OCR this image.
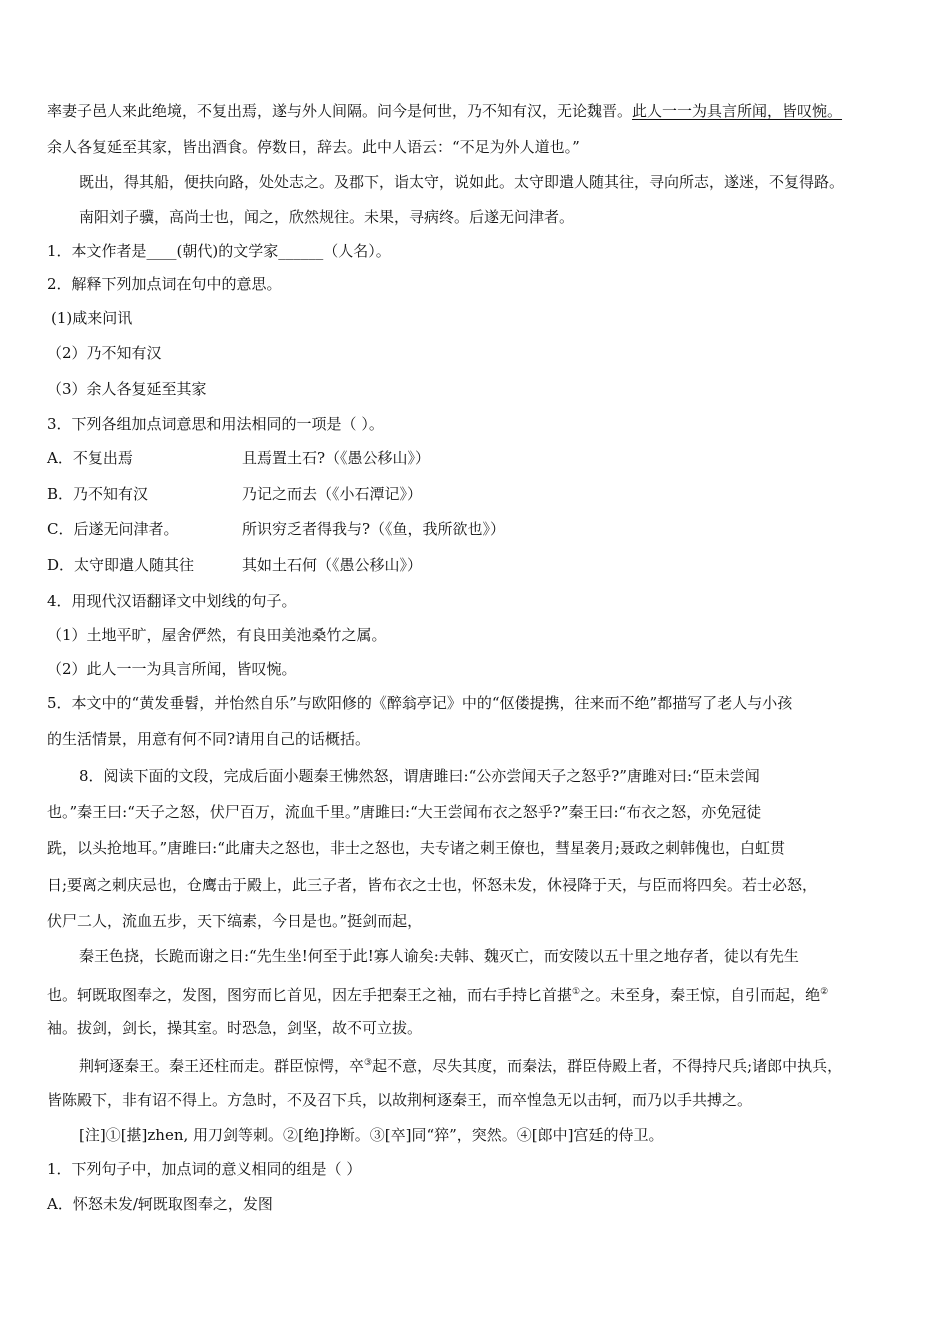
率妻子邑人来此绝境，不复出焉，遂与外人间隔。问今是何世，乃不知有汉，无论魏晋。此人一一为具言所闻，皆叹惋。
余人各复延至其家，皆出酒食。停数日，辞去。此中人语云：“不足为外人道也。”
既出，得其船，便扶向路，处处志之。及郡下，诣太守，说如此。太守即遣人随其往，寻向所志，遂迷，不复得路。
南阳刘子骥，高尚士也，闻之，欣然规往。未果，寻病终。后遂无问津者。
1．本文作者是____(朝代)的文学家______（人名）。
2．解释下列加点词在句中的意思。
(1)咸来问讯
（2）乃不知有汉
（3）余人各复延至其家
3．下列各组加点词意思和用法相同的一项是（ ）。
A．不复出焉	且焉置土石?（《愚公移山》）
B．乃不知有汉	乃记之而去（《小石潭记》）
C．后遂无问津者。	所识穷乏者得我与?（《鱼，我所欲也》）
D．太守即遣人随其往	其如土石何（《愚公移山》）
4．用现代汉语翻译文中划线的句子。
（1）土地平旷，屋舍俨然，有良田美池桑竹之属。
（2）此人一一为具言所闻，皆叹惋。
5．本文中的“黄发垂髫，并怡然自乐”与欧阳修的《醉翁亭记》中的“伛偻提携，往来而不绝”都描写了老人与小孩
的生活情景，用意有何不同?请用自己的话概括。
8．阅读下面的文段，完成后面小题秦王怫然怒，谓唐雎曰:“公亦尝闻天子之怒乎?”唐雎对曰:“臣未尝闻
也。”秦王曰:“天子之怒，伏尸百万，流血千里。”唐雎曰:“大王尝闻布衣之怒乎?”秦王曰:“布衣之怒，亦免冠徒
跣，以头抢地耳。”唐雎曰:“此庸夫之怒也，非士之怒也，夫专诸之刺王僚也，彗星袭月;聂政之刺韩傀也，白虹贯
日;要离之刺庆忌也，仓鹰击于殿上，此三子者，皆布衣之士也，怀怒未发，休祲降于天，与臣而将四矣。若士必怒，
伏尸二人，流血五步，天下缟素，今日是也。”挺剑而起，
秦王色挠，长跪而谢之日:“先生坐!何至于此!寡人谕矣:夫韩、魏灭亡，而安陵以五十里之地存者，徒以有先生
也。轲既取图奉之，发图，图穷而匕首见，因左手把秦王之袖，而右手持匕首揕①之。未至身，秦王惊，自引而起，绝②
袖。拔剑，剑长，操其室。时恐急，剑坚，故不可立拔。
荆轲逐秦王。秦王还柱而走。群臣惊愕，卒③起不意，尽失其度，而秦法，群臣侍殿上者，不得持尺兵;诸郎中执兵，
皆陈殿下，非有诏不得上。方急时，不及召下兵，以故荆柯逐秦王，而卒惶急无以击轲，而乃以手共搏之。
[注]①[揕]zhen, 用刀剑等刺。②[绝]挣断。③[卒]同“猝”，突然。④[郎中]宫廷的侍卫。
1．下列句子中，加点词的意义相同的组是（ ）
A．怀怒未发/轲既取图奉之，发图
